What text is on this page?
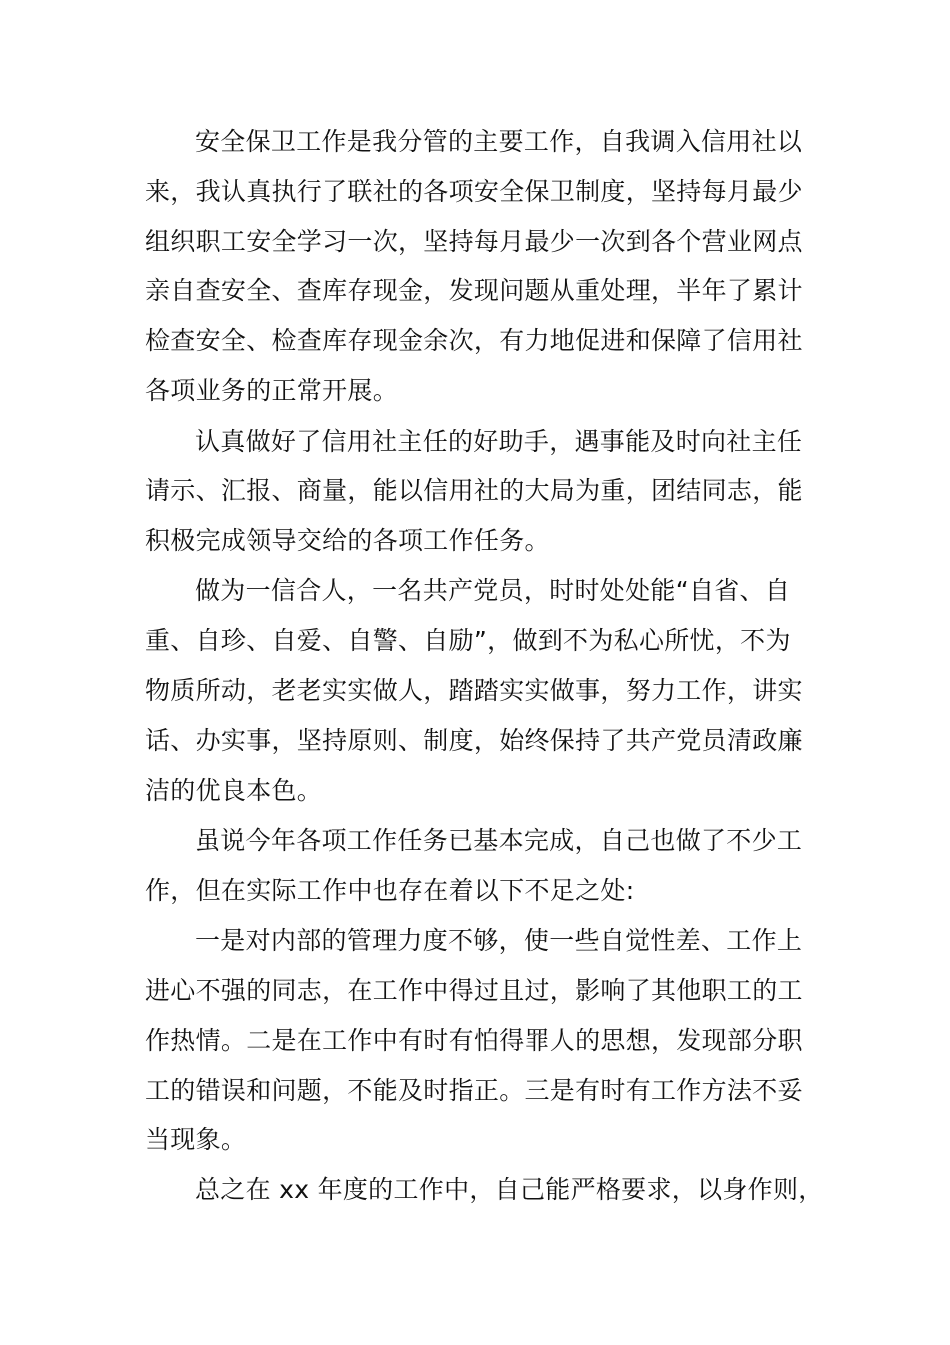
安全保卫工作是我分管的主要工作，自我调入信用社以

来，我认真执行了联社的各项安全保卫制度，坚持每月最少

组织职工安全学习一次，坚持每月最少一次到各个营业网点

亲自查安全、查库存现金，发现问题从重处理，半年了累计

检查安全、检查库存现金余次，有力地促进和保障了信用社

各项业务的正常开展。

认真做好了信用社主任的好助手，遇事能及时向社主任

请示、汇报、商量，能以信用社的大局为重，团结同志，能

积极完成领导交给的各项工作任务。

做为一信合人，一名共产党员，时时处处能“自省、自

重、自珍、自爱、自警、自励”，做到不为私心所忧，不为

物质所动，老老实实做人，踏踏实实做事，努力工作，讲实

话、办实事，坚持原则、制度，始终保持了共产党员清政廉

洁的优良本色。

虽说今年各项工作任务已基本完成，自己也做了不少工

作，但在实际工作中也存在着以下不足之处:

一是对内部的管理力度不够，使一些自觉性差、工作上

进心不强的同志，在工作中得过且过，影响了其他职工的工

作热情。二是在工作中有时有怕得罪人的思想，发现部分职

工的错误和问题，不能及时指正。三是有时有工作方法不妥

当现象。

总之在 xx 年度的工作中，自己能严格要求，以身作则，
